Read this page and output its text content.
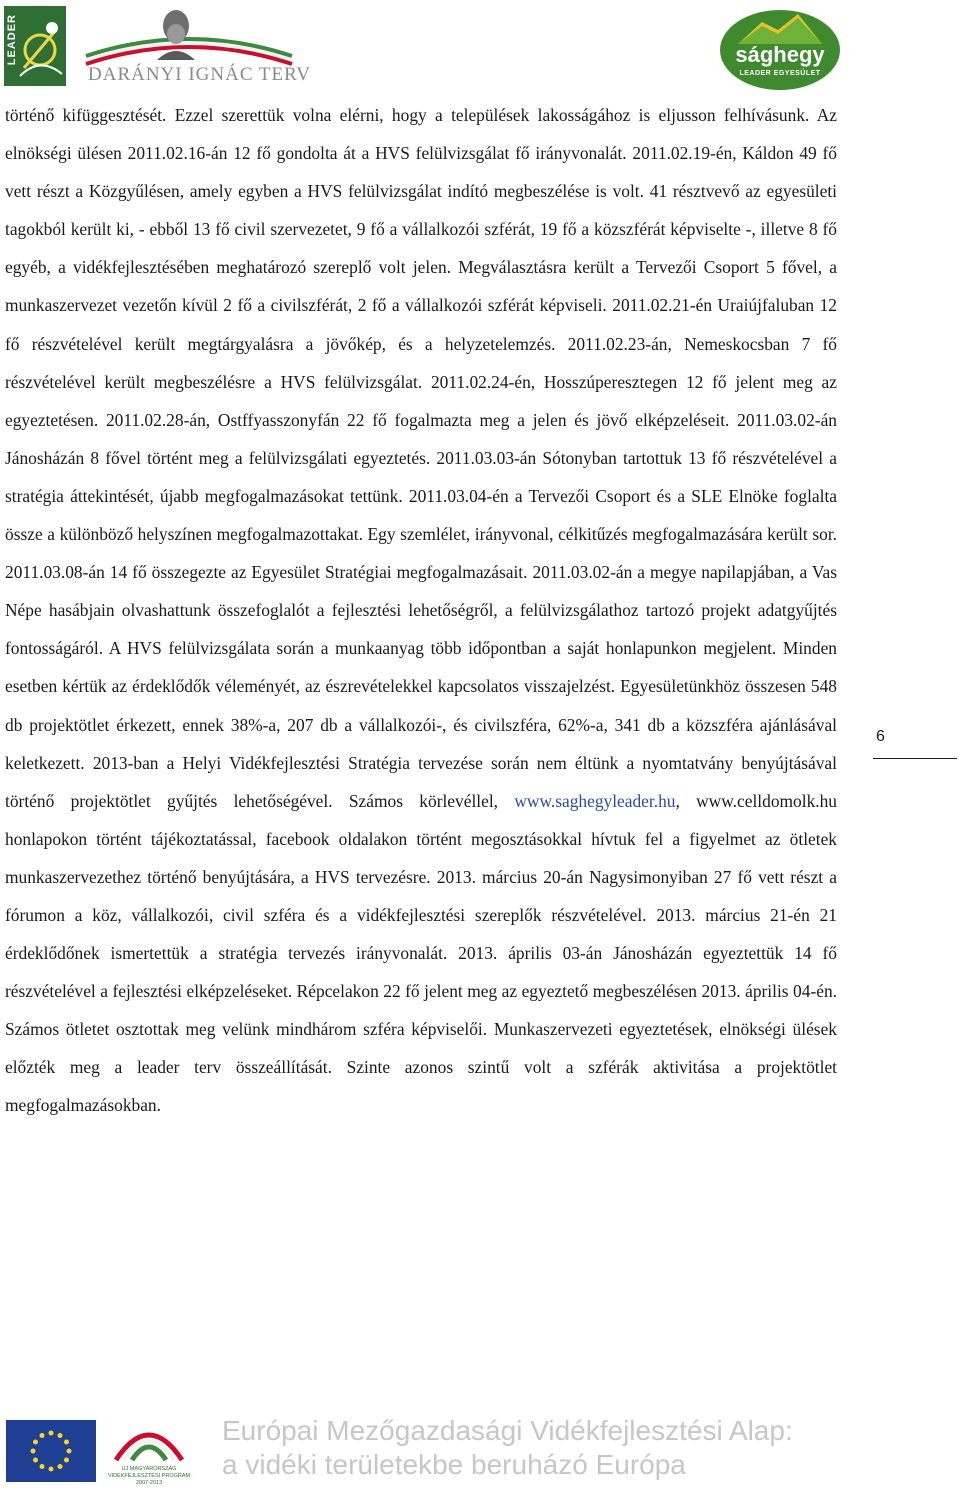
LEADER
DARÁNYI IGNÁC TERV
sághegy
LEADER EGYESÜLET

történő kifüggesztését. Ezzel szerettük volna elérni, hogy a települések lakosságához is eljusson felhívásunk. Az elnökségi ülésen 2011.02.16-án 12 fő gondolta át a HVS felülvizsgálat fő irányvonalát. 2011.02.19-én, Káldon 49 fő vett részt a Közgyűlésen, amely egyben a HVS felülvizsgálat indító megbeszélése is volt. 41 résztvevő az egyesületi tagokból került ki, - ebből 13 fő civil szervezetet, 9 fő a vállalkozói szférát, 19 fő a közszférát képviselte -, illetve 8 fő egyéb, a vidékfejlesztésében meghatározó szereplő volt jelen. Megválasztásra került a Tervezői Csoport 5 fővel, a munkaszervezet vezetőn kívül 2 fő a civilszférát, 2 fő a vállalkozói szférát képviseli. 2011.02.21-én Uraiújfaluban 12 fő részvételével került megtárgyalásra a jövőkép, és a helyzetelemzés. 2011.02.23-án, Nemeskocsban 7 fő részvételével került megbeszélésre a HVS felülvizsgálat. 2011.02.24-én, Hosszúperesztegen 12 fő jelent meg az egyeztetésen. 2011.02.28-án, Ostffyasszonyfán 22 fő fogalmazta meg a jelen és jövő elképzeléseit. 2011.03.02-án Jánosházán 8 fővel történt meg a felülvizsgálati egyeztetés. 2011.03.03-án Sótonyban tartottuk 13 fő részvételével a stratégia áttekintését, újabb megfogalmazásokat tettünk. 2011.03.04-én a Tervezői Csoport és a SLE Elnöke foglalta össze a különböző helyszínen megfogalmazottakat. Egy szemlélet, irányvonal, célkitűzés megfogalmazására került sor. 2011.03.08-án 14 fő összegezte az Egyesület Stratégiai megfogalmazásait. 2011.03.02-án a megye napilapjában, a Vas Népe hasábjain olvashattunk összefoglalót a fejlesztési lehetőségről, a felülvizsgálathoz tartozó projekt adatgyűjtés fontosságáról. A HVS felülvizsgálata során a munkaanyag több időpontban a saját honlapunkon megjelent. Minden esetben kértük az érdeklődők véleményét, az észrevételekkel kapcsolatos visszajelzést. Egyesületünkhöz összesen 548 db projektötlet érkezett, ennek 38%-a, 207 db a vállalkozói-, és civilszféra, 62%-a, 341 db a közszféra ajánlásával keletkezett. 2013-ban a Helyi Vidékfejlesztési Stratégia tervezése során nem éltünk a nyomtatvány benyújtásával történő projektötlet gyűjtés lehetőségével. Számos körlevéllel, www.saghegyleader.hu, www.celldomolk.hu honlapokon történt tájékoztatással, facebook oldalakon történt megosztásokkal hívtuk fel a figyelmet az ötletek munkaszervezethez történő benyújtására, a HVS tervezésre. 2013. március 20-án Nagysimonyiban 27 fő vett részt a fórumon a köz, vállalkozói, civil szféra és a vidékfejlesztési szereplők részvételével. 2013. március 21-én 21 érdeklődőnek ismertettük a stratégia tervezés irányvonalát. 2013. április 03-án Jánosházán egyeztettük 14 fő részvételével a fejlesztési elképzeléseket. Répcelakon 22 fő jelent meg az egyeztető megbeszélésen 2013. április 04-én. Számos ötletet osztottak meg velünk mindhárom szféra képviselői. Munkaszervezeti egyeztetések, elnökségi ülések előzték meg a leader terv összeállítását. Szinte azonos szintű volt a szférák aktivitása a projektötlet megfogalmazásokban.

6
ÚJ MAGYARORSZÁG VIDÉKFEJLESZTÉSI PROGRAM 2007-2013
Európai Mezőgazdasági Vidékfejlesztési Alap:
a vidéki területekbe beruházó Európa
